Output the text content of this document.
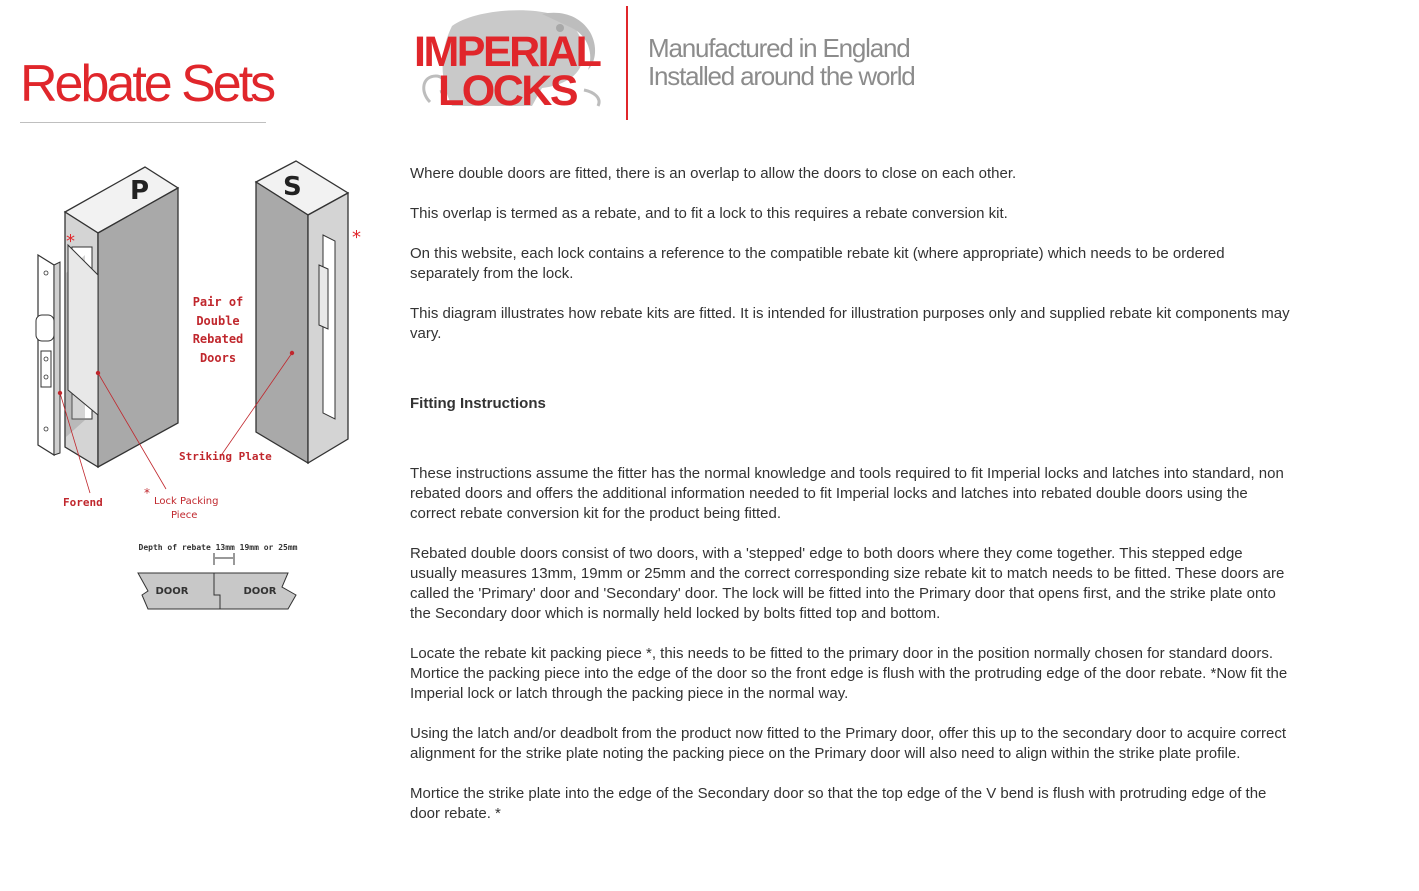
Rebate Sets
IMPERIAL
LOCKS
Manufactured in England
Installed around the world
P
*
S
*
Pair of
Double
Rebated
Doors
Striking Plate
Forend
*
Lock Packing
Piece
Depth of rebate 13mm 19mm or 25mm
DOOR	DOOR

Where double doors are fitted, there is an overlap to allow the doors to close on each other.

This overlap is termed as a rebate, and to fit a lock to this requires a rebate conversion kit.

On this website, each lock contains a reference to the compatible rebate kit (where appropriate) which needs to be ordered separately from the lock.

This diagram illustrates how rebate kits are fitted. It is intended for illustration purposes only and supplied rebate kit components may vary.

Fitting Instructions

These instructions assume the fitter has the normal knowledge and tools required to fit Imperial locks and latches into standard, non rebated doors and offers the additional information needed to fit Imperial locks and latches into rebated double doors using the correct rebate conversion kit for the product being fitted.

Rebated double doors consist of two doors, with a 'stepped' edge to both doors where they come together. This stepped edge usually measures 13mm, 19mm or 25mm and the correct corresponding size rebate kit to match needs to be fitted. These doors are called the 'Primary' door and 'Secondary' door. The lock will be fitted into the Primary door that opens first, and the strike plate onto the Secondary door which is normally held locked by bolts fitted top and bottom.

Locate the rebate kit packing piece *, this needs to be fitted to the primary door in the position normally chosen for standard doors. Mortice the packing piece into the edge of the door so the front edge is flush with the protruding edge of the door rebate. *Now fit the Imperial lock or latch through the packing piece in the normal way.

Using the latch and/or deadbolt from the product now fitted to the Primary door, offer this up to the secondary door to acquire correct alignment for the strike plate noting the packing piece on the Primary door will also need to align within the strike plate profile.

Mortice the strike plate into the edge of the Secondary door so that the top edge of the V bend is flush with protruding edge of the door rebate. *
